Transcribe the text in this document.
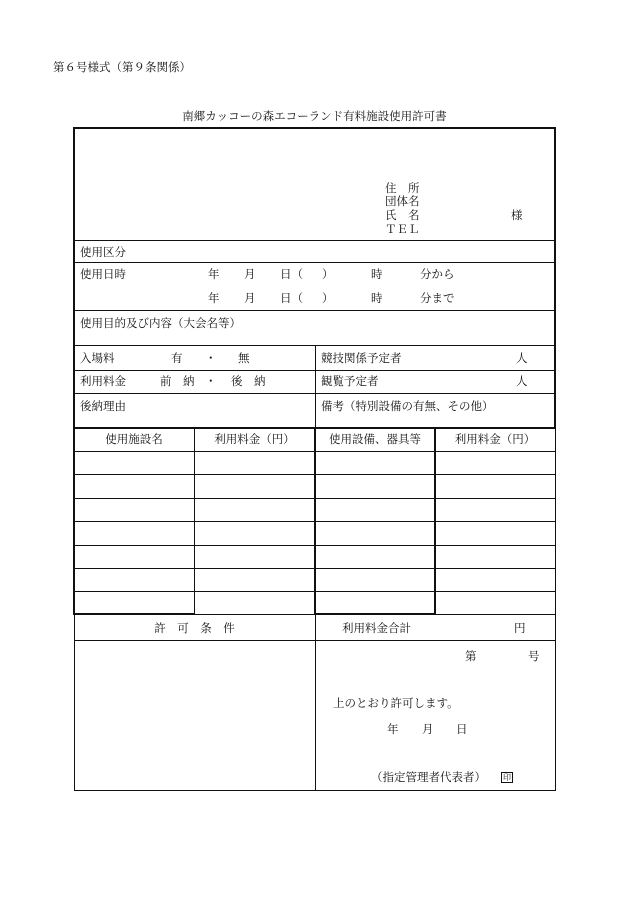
第６号様式（第９条関係）
南郷カッコーの森エコーランド有料施設使用許可書
住　所
団体名
氏　名	様
ＴＥＬ
使用区分
使用日時	年 月 日（ ）	時	分から
年 月 日（ ）	時	分まで
使用目的及び内容（大会名等）
入場料	有 ・ 無	競技関係予定者	人
利用料金	前　納 ・ 後　納	観覧予定者	人
後納理由	備考（特別設備の有無、その他）
使用施設名	利用料金（円）	使用設備、器具等	利用料金（円）
許　可　条　件	利用料金合計	円
第	号
上のとおり許可します。
年 月 日
（指定管理者代表者） 印
